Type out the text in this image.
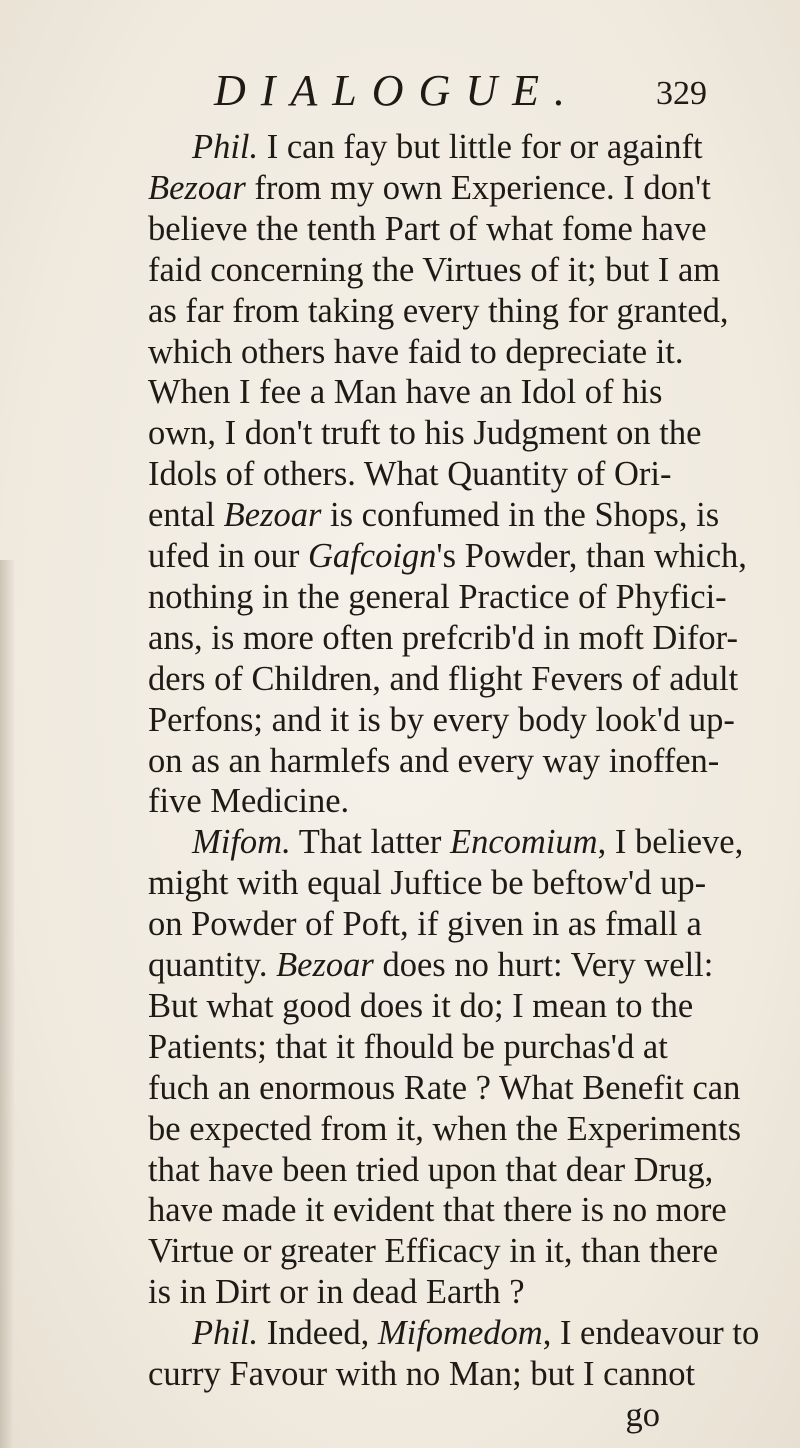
DIALOGUE. 329
Phil. I can fay but little for or againft
Bezoar from my own Experience. I don't
believe the tenth Part of what fome have
faid concerning the Virtues of it; but I am
as far from taking every thing for granted,
which others have faid to depreciate it.
When I fee a Man have an Idol of his
own, I don't truft to his Judgment on the
Idols of others. What Quantity of Ori-
ental Bezoar is confumed in the Shops, is
ufed in our Gafcoign's Powder, than which,
nothing in the general Practice of Phyfici-
ans, is more often prefcrib'd in moft Difor-
ders of Children, and flight Fevers of adult
Perfons; and it is by every body look'd up-
on as an harmlefs and every way inoffen-
five Medicine.
Mifom. That latter Encomium, I believe,
might with equal Juftice be beftow'd up-
on Powder of Poft, if given in as fmall a
quantity. Bezoar does no hurt: Very well:
But what good does it do; I mean to the
Patients; that it fhould be purchas'd at
fuch an enormous Rate ? What Benefit can
be expected from it, when the Experiments
that have been tried upon that dear Drug,
have made it evident that there is no more
Virtue or greater Efficacy in it, than there
is in Dirt or in dead Earth ?
Phil. Indeed, Mifomedom, I endeavour to
curry Favour with no Man; but I cannot
go
